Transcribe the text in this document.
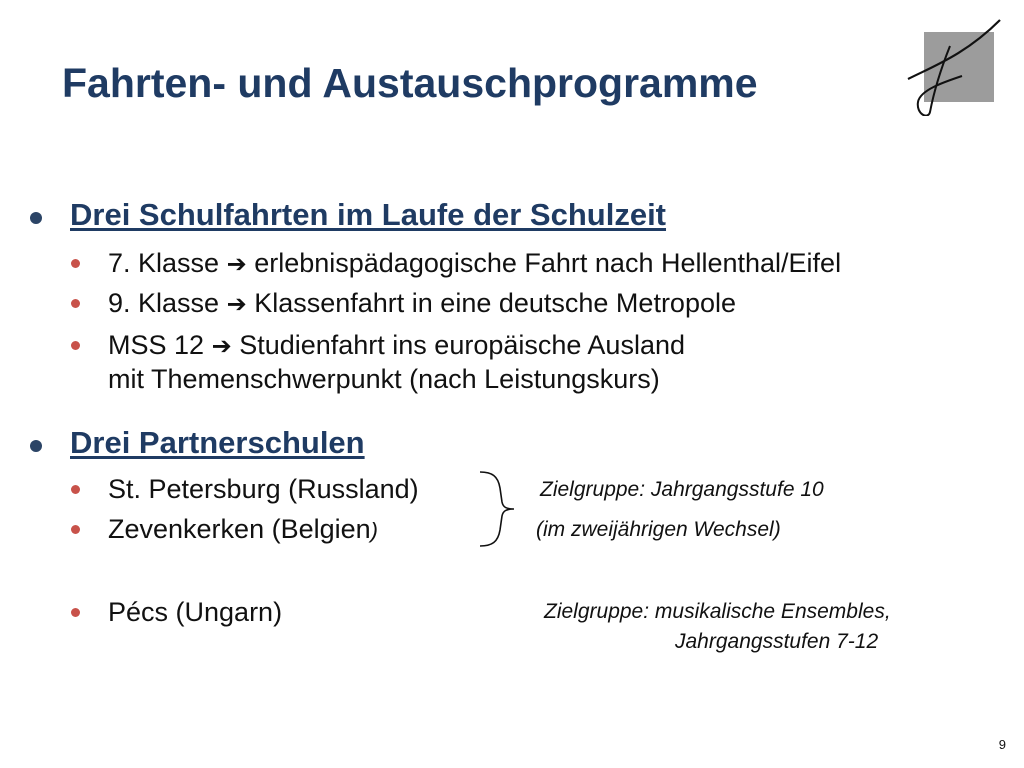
Fahrten- und Austauschprogramme
Drei Schulfahrten im Laufe der Schulzeit
7. Klasse ➔ erlebnispädagogische Fahrt nach Hellenthal/Eifel
9. Klasse ➔ Klassenfahrt in eine deutsche Metropole
MSS 12 ➔ Studienfahrt ins europäische Ausland
mit Themenschwerpunkt (nach Leistungskurs)
Drei Partnerschulen
St. Petersburg (Russland)
Zevenkerken (Belgien)
Zielgruppe: Jahrgangsstufe 10
(im zweijährigen Wechsel)
Pécs (Ungarn)	Zielgruppe: musikalische Ensembles,
Jahrgangsstufen 7-12
9
